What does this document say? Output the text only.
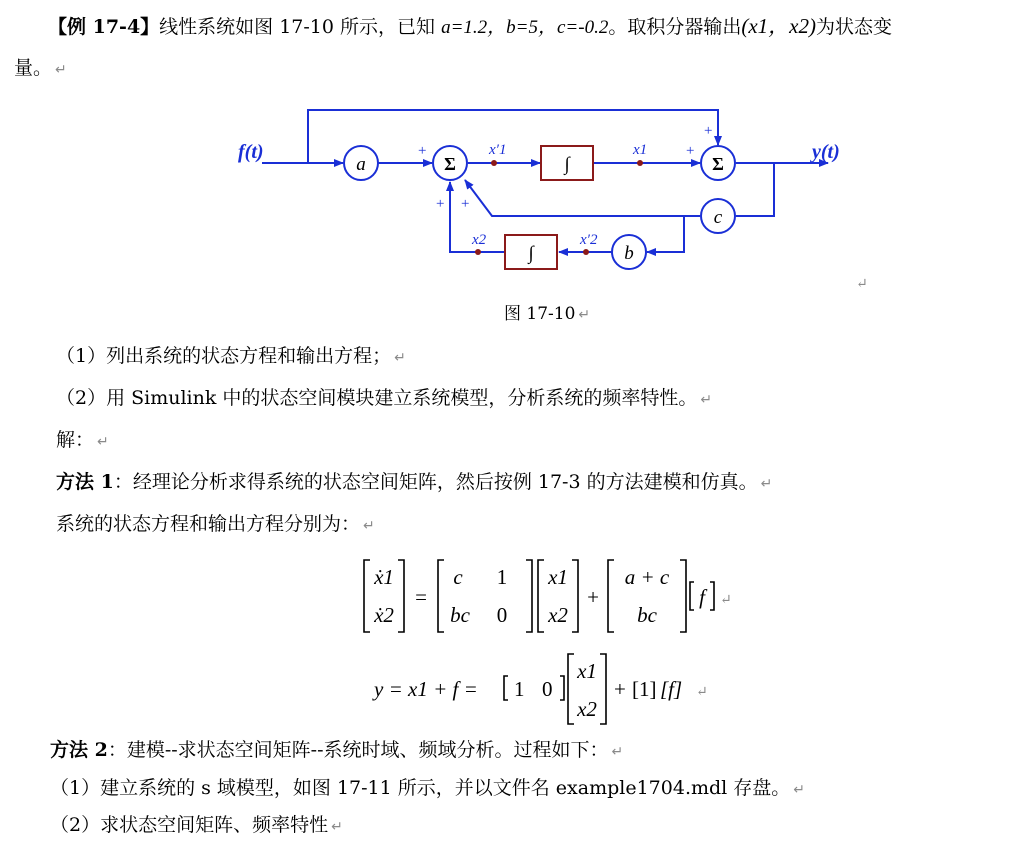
【例 17-4】线性系统如图 17-10 所示，已知 a=1.2，b=5，c=-0.2。取积分器输出(x1，x2)为状态变
量。 ↵
a	Σ	∫	Σ
c
b
∫
f(t)	y(t)
x′1	x1
x′2
x2
+
+ +
+
+
↵
图 17-10 ↵
（1）列出系统的状态方程和输出方程； ↵
（2）用 Simulink 中的状态空间模块建立系统模型，分析系统的频率特性。 ↵
解： ↵
方法 1：经理论分析求得系统的状态空间矩阵，然后按例 17-3 的方法建模和仿真。 ↵
系统的状态方程和输出方程分别为： ↵
ẋ1
ẋ2
=
c 1
bc 0
x1
x2
+
a + c
bc
f ↵
y = x1 + f = 1 0
x1
x2
+ [1] [f] ↵
方法 2：建模--求状态空间矩阵--系统时域、频域分析。过程如下： ↵
（1）建立系统的 s 域模型，如图 17-11 所示，并以文件名 example1704.mdl 存盘。 ↵
（2）求状态空间矩阵、频率特性 ↵
